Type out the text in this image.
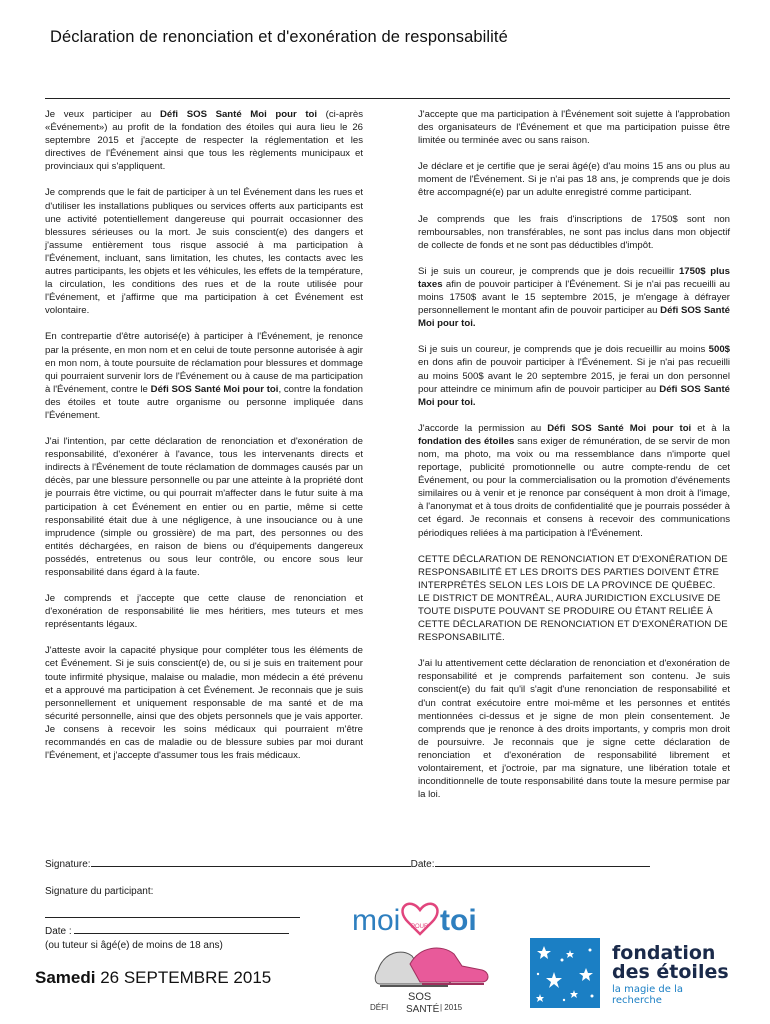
Déclaration de renonciation et d'exonération de responsabilité

Je veux participer au Défi SOS Santé Moi pour toi (ci-après «Événement») au profit de la fondation des étoiles qui aura lieu le 26 septembre 2015 et j'accepte de respecter la réglementation et les directives de l'Événement ainsi que tous les règlements municipaux et provinciaux qui s'appliquent.

Je comprends que le fait de participer à un tel Événement dans les rues et d'utiliser les installations publiques ou services offerts aux participants est une activité potentiellement dangereuse qui pourrait occasionner des blessures sérieuses ou la mort. Je suis conscient(e) des dangers et j'assume entièrement tous risque associé à ma participation à l'Événement, incluant, sans limitation, les chutes, les contacts avec les autres participants, les objets et les véhicules, les effets de la température, la circulation, les conditions des rues et de la route utilisée pour l'Événement, et j'affirme que ma participation à cet Événement est volontaire.

En contrepartie d'être autorisé(e) à participer à l'Événement, je renonce par la présente, en mon nom et en celui de toute personne autorisée à agir en mon nom, à toute poursuite de réclamation pour blessures et dommage qui pourraient survenir lors de l'Événement ou à cause de ma participation à l'Événement, contre le Défi SOS Santé Moi pour toi, contre la fondation des étoiles et toute autre organisme ou personne impliquée dans l'Événement.

J'ai l'intention, par cette déclaration de renonciation et d'exonération de responsabilité, d'exonérer à l'avance, tous les intervenants directs et indirects à l'Événement de toute réclamation de dommages causés par un décès, par une blessure personnelle ou par une atteinte à la propriété dont je pourrais être victime, ou qui pourrait m'affecter dans le futur suite à ma participation à cet Événement en entier ou en partie, même si cette responsabilité était due à une négligence, à une insouciance ou à une imprudence (simple ou grossière) de ma part, des personnes ou des entités déchargées, en raison de biens ou d'équipements dangereux possédés, entretenus ou sous leur contrôle, ou encore sous leur responsabilité dans égard à la faute.

Je comprends et j'accepte que cette clause de renonciation et d'exonération de responsabilité lie mes héritiers, mes tuteurs et mes représentants légaux.

J'atteste avoir la capacité physique pour compléter tous les éléments de cet Événement. Si je suis conscient(e) de, ou si je suis en traitement pour toute infirmité physique, malaise ou maladie, mon médecin a été prévenu et a approuvé ma participation à cet Événement. Je reconnais que je suis personnellement et uniquement responsable de ma santé et de ma sécurité personnelle, ainsi que des objets personnels que je vais apporter. Je consens à recevoir les soins médicaux qui pourraient m'être recommandés en cas de maladie ou de blessure subies par moi durant l'Événement, et j'accepte d'assumer tous les frais médicaux.

J'accepte que ma participation à l'Événement soit sujette à l'approbation des organisateurs de l'Événement et que ma participation puisse être limitée ou terminée avec ou sans raison.

Je déclare et je certifie que je serai âgé(e) d'au moins 15 ans ou plus au moment de l'Événement. Si je n'ai pas 18 ans, je comprends que je dois être accompagné(e) par un adulte enregistré comme participant.

Je comprends que les frais d'inscriptions de 1750$ sont non remboursables, non transférables, ne sont pas inclus dans mon objectif de collecte de fonds et ne sont pas déductibles d'impôt.

Si je suis un coureur, je comprends que je dois recueillir 1750$ plus taxes afin de pouvoir participer à l'Événement. Si je n'ai pas recueilli au moins 1750$ avant le 15 septembre 2015, je m'engage à défrayer personnellement le montant afin de pouvoir participer au Défi SOS Santé Moi pour toi.

Si je suis un coureur, je comprends que je dois recueillir au moins 500$ en dons afin de pouvoir participer à l'Événement. Si je n'ai pas recueilli au moins 500$ avant le 20 septembre 2015, je ferai un don personnel pour atteindre ce minimum afin de pouvoir participer au Défi SOS Santé Moi pour toi.

J'accorde la permission au Défi SOS Santé Moi pour toi et à la fondation des étoiles sans exiger de rémunération, de se servir de mon nom, ma photo, ma voix ou ma ressemblance dans n'importe quel reportage, publicité promotionnelle ou autre compte-rendu de cet Événement, ou pour la commercialisation ou la promotion d'événements similaires ou à venir et je renonce par conséquent à mon droit à l'image, à l'anonymat et à tous droits de confidentialité que je pourrais posséder à cet égard. Je reconnais et consens à recevoir des communications périodiques reliées à ma participation à l'Événement.

CETTE DÉCLARATION DE RENONCIATION ET D'EXONÉRATION DE RESPONSABILITÉ ET LES DROITS DES PARTIES DOIVENT ÊTRE INTERPRÉTÉS SELON LES LOIS DE LA PROVINCE DE QUÉBEC. LE DISTRICT DE MONTRÉAL, AURA JURIDICTION EXCLUSIVE DE TOUTE DISPUTE POUVANT SE PRODUIRE OU ÉTANT RELIÉE À CETTE DÉCLARATION DE RENONCIATION ET D'EXONÉRATION DE RESPONSABILITÉ.

J'ai lu attentivement cette déclaration de renonciation et d'exonération de responsabilité et je comprends parfaitement son contenu. Je suis conscient(e) du fait qu'il s'agit d'une renonciation de responsabilité et d'un contrat exécutoire entre moi-même et les personnes et entités mentionnées ci-dessus et je signe de mon plein consentement. Je comprends que je renonce à des droits importants, y compris mon droit de poursuivre. Je reconnais que je signe cette déclaration de renonciation et d'exonération de responsabilité librement et volontairement, et j'octroie, par ma signature, une libération totale et inconditionnelle de toute responsabilité dans toute la mesure permise par la loi.

Signature:	Date:
Signature du participant:
Date :
(ou tuteur si âgé(e) de moins de 18 ans)
Samedi 26 SEPTEMBRE 2015
moi POUR toi
DÉFI
SOS
SANTÉ | 2015
fondation
des étoiles
la magie de la recherche
